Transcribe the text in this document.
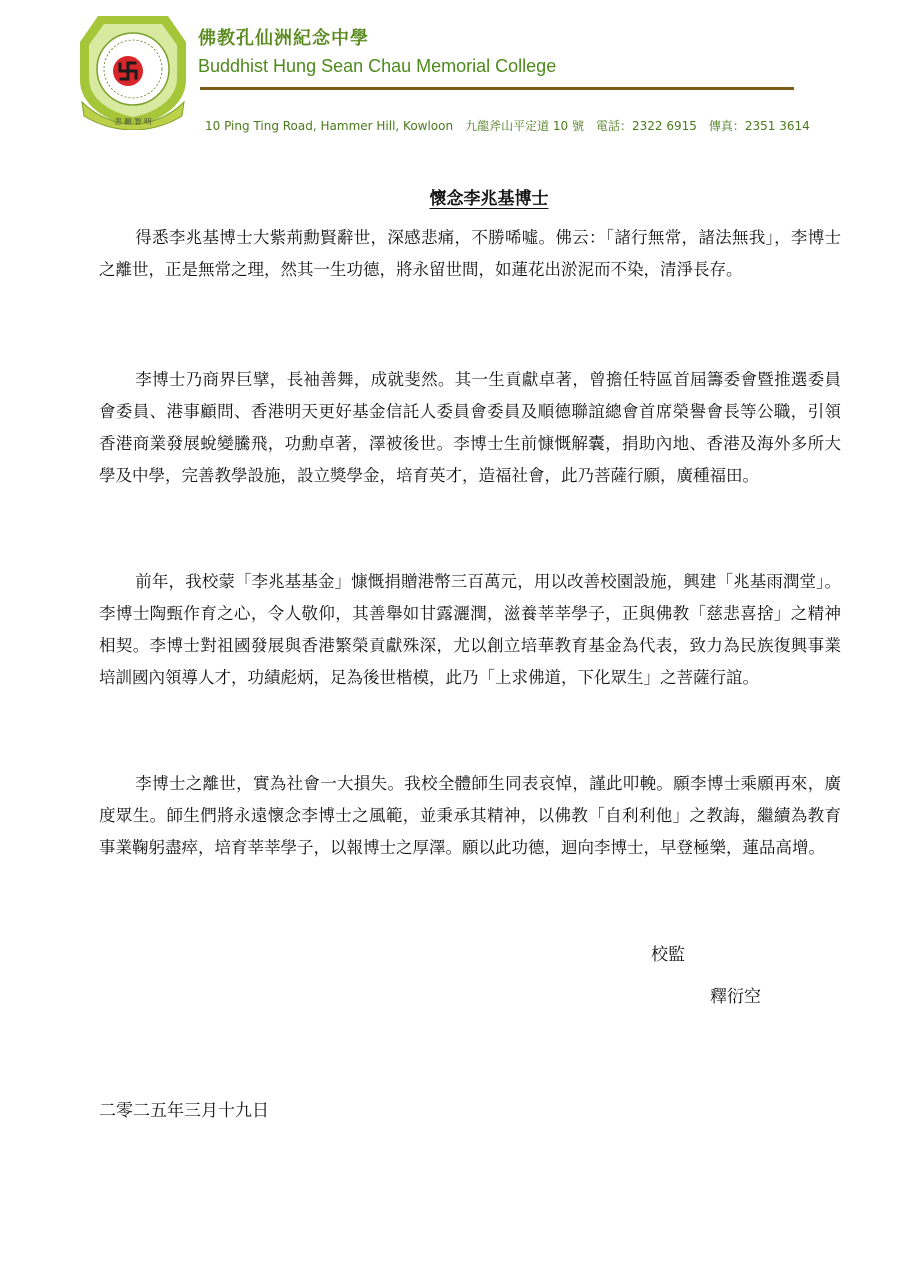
悲 願 智 明
佛教孔仙洲紀念中學
Buddhist Hung Sean Chau Memorial College
10 Ping Ting Road, Hammer Hill, Kowloon　九龍斧山平定道 10 號　電話：2322 6915　傳真：2351 3614
懷念李兆基博士
得悉李兆基博士大紫荊勳賢辭世，深感悲痛，不勝唏噓。佛云：「諸行無常，諸法無我」，李博士之離世，正是無常之理，然其一生功德，將永留世間，如蓮花出淤泥而不染，清淨長存。
李博士乃商界巨擘，長袖善舞，成就斐然。其一生貢獻卓著，曾擔任特區首屆籌委會暨推選委員會委員、港事顧問、香港明天更好基金信託人委員會委員及順德聯誼總會首席榮譽會長等公職，引領香港商業發展蛻變騰飛，功勳卓著，澤被後世。李博士生前慷慨解囊，捐助內地、香港及海外多所大學及中學，完善教學設施，設立獎學金，培育英才，造福社會，此乃菩薩行願，廣種福田。
前年，我校蒙「李兆基基金」慷慨捐贈港幣三百萬元，用以改善校園設施，興建「兆基雨潤堂」。李博士陶甄作育之心，令人敬仰，其善舉如甘露灑潤，滋養莘莘學子，正與佛教「慈悲喜捨」之精神相契。李博士對祖國發展與香港繁榮貢獻殊深，尤以創立培華教育基金為代表，致力為民族復興事業培訓國內領導人才，功績彪炳，足為後世楷模，此乃「上求佛道，下化眾生」之菩薩行誼。
李博士之離世，實為社會一大損失。我校全體師生同表哀悼，謹此叩輓。願李博士乘願再來，廣度眾生。師生們將永遠懷念李博士之風範，並秉承其精神，以佛教「自利利他」之教誨，繼續為教育事業鞠躬盡瘁，培育莘莘學子，以報博士之厚澤。願以此功德，迴向李博士，早登極樂，蓮品高增。
校監
釋衍空
二零二五年三月十九日
